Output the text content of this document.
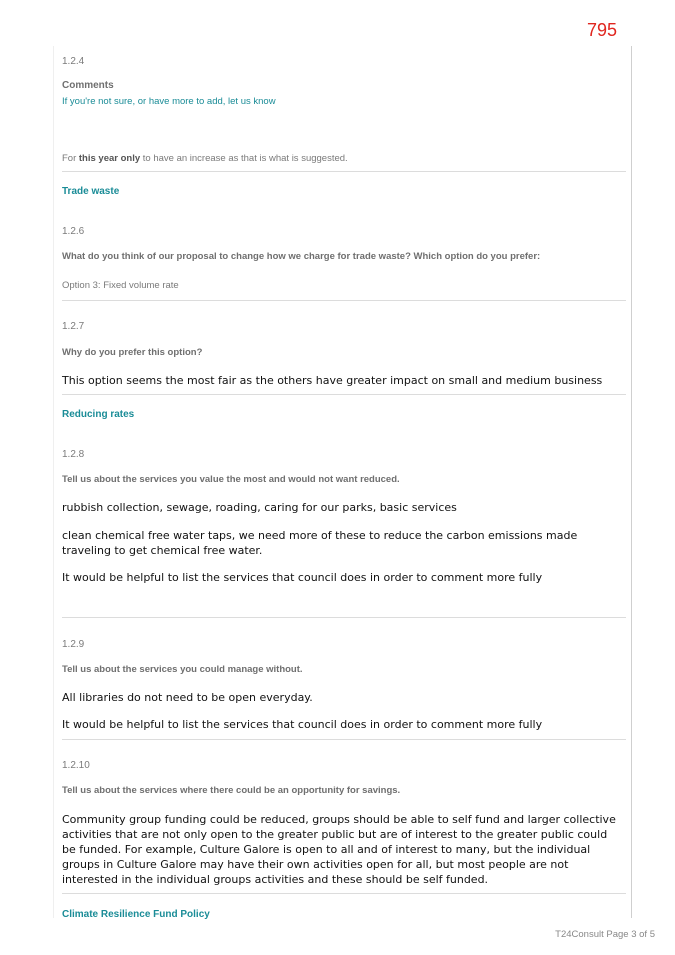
795
1.2.4
Comments
If you're not sure, or have more to add, let us know
For this year only to have an increase as that is what is suggested.
Trade waste
1.2.6
What do you think of our proposal to change how we charge for trade waste? Which option do you prefer:
Option 3: Fixed volume rate
1.2.7
Why do you prefer this option?
This option seems the most fair as the others have greater impact on small and medium business
Reducing rates
1.2.8
Tell us about the services you value the most and would not want reduced.
rubbish collection, sewage, roading, caring for our parks, basic services
clean chemical free water taps, we need more of these to reduce the carbon emissions made traveling to get chemical free water.
It would be helpful to list the services that council does in order to comment more fully
1.2.9
Tell us about the services you could manage without.
All libraries do not need to be open everyday.
It would be helpful to list the services that council does in order to comment more fully
1.2.10
Tell us about the services where there could be an opportunity for savings.
Community group funding could be reduced, groups should be able to self fund and larger collective activities that are not only open to the greater public but are of interest to the greater public could be funded. For example, Culture Galore is open to all and of interest to many, but the individual groups in Culture Galore may have their own activities open for all, but most people are not interested in the individual groups activities and these should be self funded.
Climate Resilience Fund Policy
T24Consult Page 3 of 5
